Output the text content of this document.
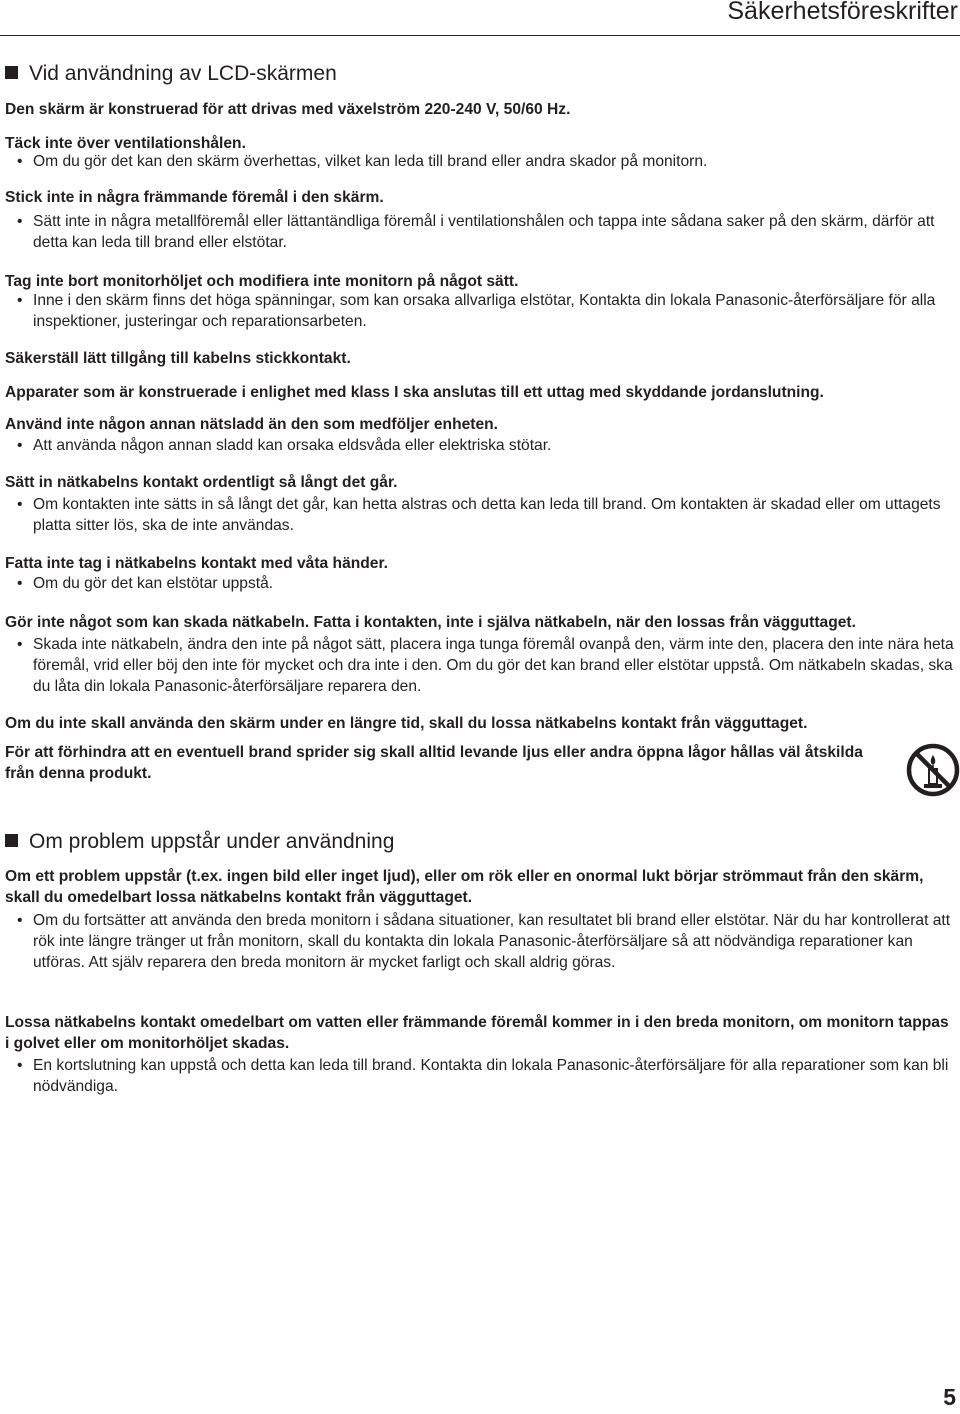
Säkerhetsföreskrifter
Vid användning av LCD-skärmen
Den skärm är konstruerad för att drivas med växelström 220-240 V, 50/60 Hz.
Täck inte över ventilationshålen.
• Om du gör det kan den skärm överhettas, vilket kan leda till brand eller andra skador på monitorn.
Stick inte in några främmande föremål i den skärm.
• Sätt inte in några metallföremål eller lättantändliga föremål i ventilationshålen och tappa inte sådana saker på den skärm, därför att detta kan leda till brand eller elstötar.
Tag inte bort monitorhöljet och modifiera inte monitorn på något sätt.
• Inne i den skärm finns det höga spänningar, som kan orsaka allvarliga elstötar, Kontakta din lokala Panasonic-återförsäljare för alla inspektioner, justeringar och reparationsarbeten.
Säkerställ lätt tillgång till kabelns stickkontakt.
Apparater som är konstruerade i enlighet med klass I ska anslutas till ett uttag med skyddande jordanslutning.
Använd inte någon annan nätsladd än den som medföljer enheten.
• Att använda någon annan sladd kan orsaka eldsvåda eller elektriska stötar.
Sätt in nätkabelns kontakt ordentligt så långt det går.
• Om kontakten inte sätts in så långt det går, kan hetta alstras och detta kan leda till brand. Om kontakten är skadad eller om uttagets platta sitter lös, ska de inte användas.
Fatta inte tag i nätkabelns kontakt med våta händer.
• Om du gör det kan elstötar uppstå.
Gör inte något som kan skada nätkabeln. Fatta i kontakten, inte i själva nätkabeln, när den lossas från vägguttaget.
• Skada inte nätkabeln, ändra den inte på något sätt, placera inga tunga föremål ovanpå den, värm inte den, placera den inte nära heta föremål, vrid eller böj den inte för mycket och dra inte i den. Om du gör det kan brand eller elstötar uppstå. Om nätkabeln skadas, ska du låta din lokala Panasonic-återförsäljare reparera den.
Om du inte skall använda den skärm under en längre tid, skall du lossa nätkabelns kontakt från vägguttaget.
För att förhindra att en eventuell brand sprider sig skall alltid levande ljus eller andra öppna lågor hållas väl åtskilda från denna produkt.
Om problem uppstår under användning
Om ett problem uppstår (t.ex. ingen bild eller inget ljud), eller om rök eller en onormal lukt börjar strömmaut från den skärm, skall du omedelbart lossa nätkabelns kontakt från vägguttaget.
• Om du fortsätter att använda den breda monitorn i sådana situationer, kan resultatet bli brand eller elstötar. När du har kontrollerat att rök inte längre tränger ut från monitorn, skall du kontakta din lokala Panasonic-återförsäljare så att nödvändiga reparationer kan utföras. Att själv reparera den breda monitorn är mycket farligt och skall aldrig göras.
Lossa nätkabelns kontakt omedelbart om vatten eller främmande föremål kommer in i den breda monitorn, om monitorn tappas i golvet eller om monitorhöljet skadas.
• En kortslutning kan uppstå och detta kan leda till brand. Kontakta din lokala Panasonic-återförsäljare för alla reparationer som kan bli nödvändiga.
5
